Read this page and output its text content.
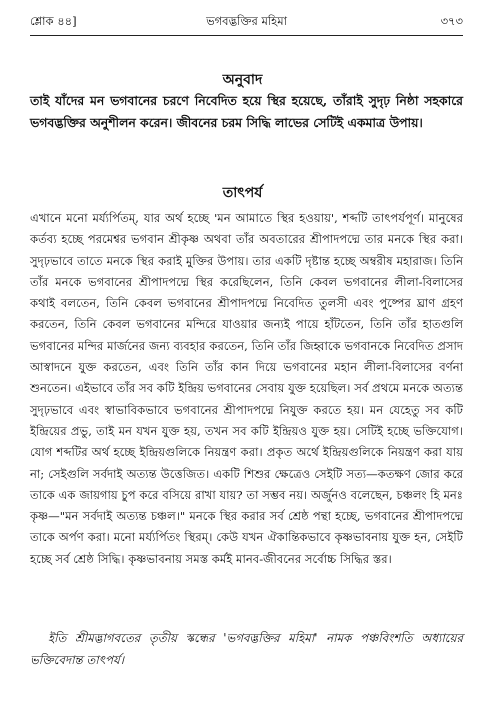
শ্লোক ৪৪]	ভগবদ্ভক্তির মহিমা	৩৭৩
অনুবাদ

তাই যাঁদের মন ভগবানের চরণে নিবেদিত হয়ে স্থির হয়েছে, তাঁরাই সুদৃঢ় নিষ্ঠা সহকারে ভগবদ্ভক্তির অনুশীলন করেন। জীবনের চরম সিদ্ধি লাভের সেটিই একমাত্র উপায়।

তাৎপর্য

এখানে মনো মর্য্যর্পিতম্, যার অর্থ হচ্ছে 'মন আমাতে স্থির হওয়ায়', শব্দটি তাৎপর্যপূর্ণ। মানুষের কর্তব্য হচ্ছে পরমেশ্বর ভগবান শ্রীকৃষ্ণ অথবা তাঁর অবতারের শ্রীপাদপদ্মে তার মনকে স্থির করা। সুদৃঢ়ভাবে তাতে মনকে স্থির করাই মুক্তির উপায়। তার একটি দৃষ্টান্ত হচ্ছে অম্বরীষ মহারাজ। তিনি তাঁর মনকে ভগবানের শ্রীপাদপদ্মে স্থির করেছিলেন, তিনি কেবল ভগবানের লীলা-বিলাসের কথাই বলতেন, তিনি কেবল ভগবানের শ্রীপাদপদ্মে নিবেদিত তুলসী এবং পুষ্পের ঘ্রাণ গ্রহণ করতেন, তিনি কেবল ভগবানের মন্দিরে যাওয়ার জন্যই পায়ে হাঁটতেন, তিনি তাঁর হাতগুলি ভগবানের মন্দির মার্জনের জন্য ব্যবহার করতেন, তিনি তাঁর জিহ্বাকে ভগবানকে নিবেদিত প্রসাদ আস্বাদনে যুক্ত করতেন, এবং তিনি তাঁর কান দিয়ে ভগবানের মহান লীলা-বিলাসের বর্ণনা শুনতেন। এইভাবে তাঁর সব কটি ইন্দ্রিয় ভগবানের সেবায় যুক্ত হয়েছিল। সর্ব প্রথমে মনকে অত্যন্ত সুদৃঢ়ভাবে এবং স্বাভাবিকভাবে ভগবানের শ্রীপাদপদ্মে নিযুক্ত করতে হয়। মন যেহেতু সব কটি ইন্দ্রিয়ের প্রভু, তাই মন যখন যুক্ত হয়, তখন সব কটি ইন্দ্রিয়ও যুক্ত হয়। সেটিই হচ্ছে ভক্তিযোগ। যোগ শব্দটির অর্থ হচ্ছে ইন্দ্রিয়গুলিকে নিয়ন্ত্রণ করা। প্রকৃত অর্থে ইন্দ্রিয়গুলিকে নিয়ন্ত্রণ করা যায় না; সেইগুলি সর্বদাই অত্যন্ত উত্তেজিত। একটি শিশুর ক্ষেত্রেও সেইটি সত্য—কতক্ষণ জোর করে তাকে এক জায়গায় চুপ করে বসিয়ে রাখা যায়? তা সম্ভব নয়। অর্জুনও বলেছেন, চঞ্চলং হি মনঃ কৃষ্ণ—"মন সর্বদাই অত্যন্ত চঞ্চল।" মনকে স্থির করার সর্ব শ্রেষ্ঠ পন্থা হচ্ছে, ভগবানের শ্রীপাদপদ্মে তাকে অর্পণ করা। মনো মর্য্যর্পিতং স্থিরম্। কেউ যখন ঐকান্তিকভাবে কৃষ্ণভাবনায় যুক্ত হন, সেইটি হচ্ছে সর্ব শ্রেষ্ঠ সিদ্ধি। কৃষ্ণভাবনায় সমস্ত কর্মই মানব-জীবনের সর্বোচ্চ সিদ্ধির স্তর।

ইতি শ্রীমদ্ভাগবতের তৃতীয় স্কন্ধের 'ভগবদ্ভক্তির মহিমা' নামক পঞ্চবিংশতি অধ্যায়ের ভক্তিবেদান্ত তাৎপর্য।
